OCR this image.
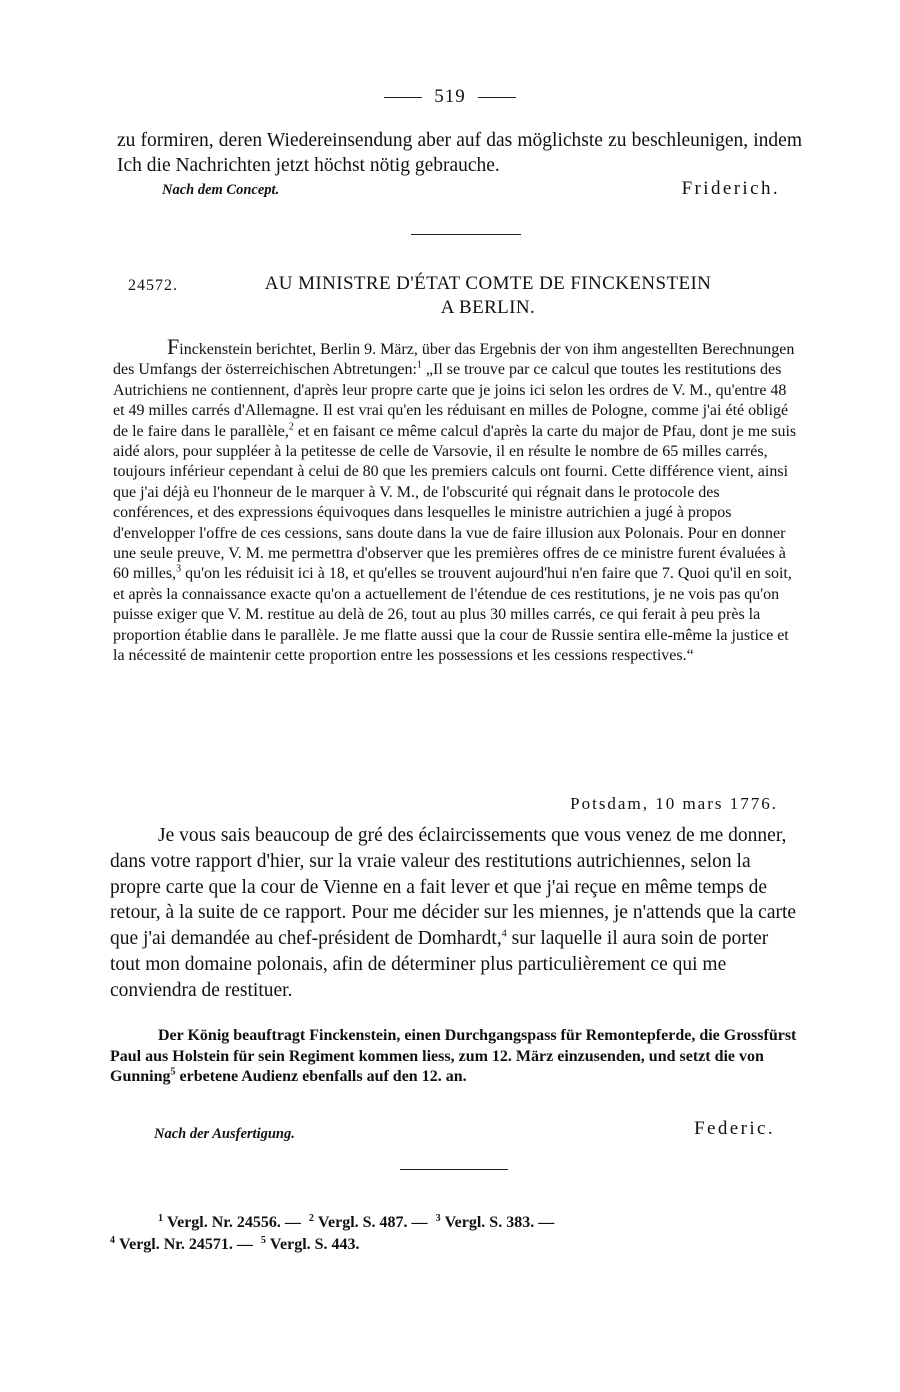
519
zu formiren, deren Wiedereinsendung aber auf das möglichste zu beschleunigen, indem Ich die Nachrichten jetzt höchst nötig gebrauche.
Nach dem Concept.	Friderich.
24572.	AU MINISTRE D'ÉTAT COMTE DE FINCKENSTEIN
A BERLIN.

Finckenstein berichtet, Berlin 9. März, über das Ergebnis der von ihm angestellten Berechnungen des Umfangs der österreichischen Abtretungen:$^1$ „Il se trouve par ce calcul que toutes les restitutions des Autrichiens ne contiennent, d'après leur propre carte que je joins ici selon les ordres de V. M., qu'entre 48 et 49 milles carrés d'Allemagne. Il est vrai qu'en les réduisant en milles de Pologne, comme j'ai été obligé de le faire dans le parallèle,$^2$ et en faisant ce même calcul d'après la carte du major de Pfau, dont je me suis aidé alors, pour suppléer à la petitesse de celle de Varsovie, il en résulte le nombre de 65 milles carrés, toujours inférieur cependant à celui de 80 que les premiers calculs ont fourni. Cette différence vient, ainsi que j'ai déjà eu l'honneur de le marquer à V. M., de l'obscurité qui régnait dans le protocole des conférences, et des expressions équivoques dans lesquelles le ministre autrichien a jugé à propos d'envelopper l'offre de ces cessions, sans doute dans la vue de faire illusion aux Polonais. Pour en donner une seule preuve, V. M. me permettra d'observer que les premières offres de ce ministre furent évaluées à 60 milles,$^3$ qu'on les réduisit ici à 18, et qu'elles se trouvent aujourd'hui n'en faire que 7. Quoi qu'il en soit, et après la connaissance exacte qu'on a actuellement de l'étendue de ces restitutions, je ne vois pas qu'on puisse exiger que V. M. restitue au delà de 26, tout au plus 30 milles carrés, ce qui ferait à peu près la proportion établie dans le parallèle. Je me flatte aussi que la cour de Russie sentira elle-même la justice et la nécessité de maintenir cette proportion entre les possessions et les cessions respectives.“

Potsdam, 10 mars 1776.

Je vous sais beaucoup de gré des éclaircissements que vous venez de me donner, dans votre rapport d'hier, sur la vraie valeur des restitutions autrichiennes, selon la propre carte que la cour de Vienne en a fait lever et que j'ai reçue en même temps de retour, à la suite de ce rapport. Pour me décider sur les miennes, je n'attends que la carte que j'ai demandée au chef-président de Domhardt,$^4$ sur laquelle il aura soin de porter tout mon domaine polonais, afin de déterminer plus particulièrement ce qui me conviendra de restituer.

Der König beauftragt Finckenstein, einen Durchgangspass für Remontepferde, die Grossfürst Paul aus Holstein für sein Regiment kommen liess, zum 12. März einzusenden, und setzt die von Gunning$^5$ erbetene Audienz ebenfalls auf den 12. an.

Nach der Ausfertigung.	Federic.
$^1$ Vergl. Nr. 24556. — $^2$ Vergl. S. 487. — $^3$ Vergl. S. 383. —
$^4$ Vergl. Nr. 24571. — $^5$ Vergl. S. 443.
